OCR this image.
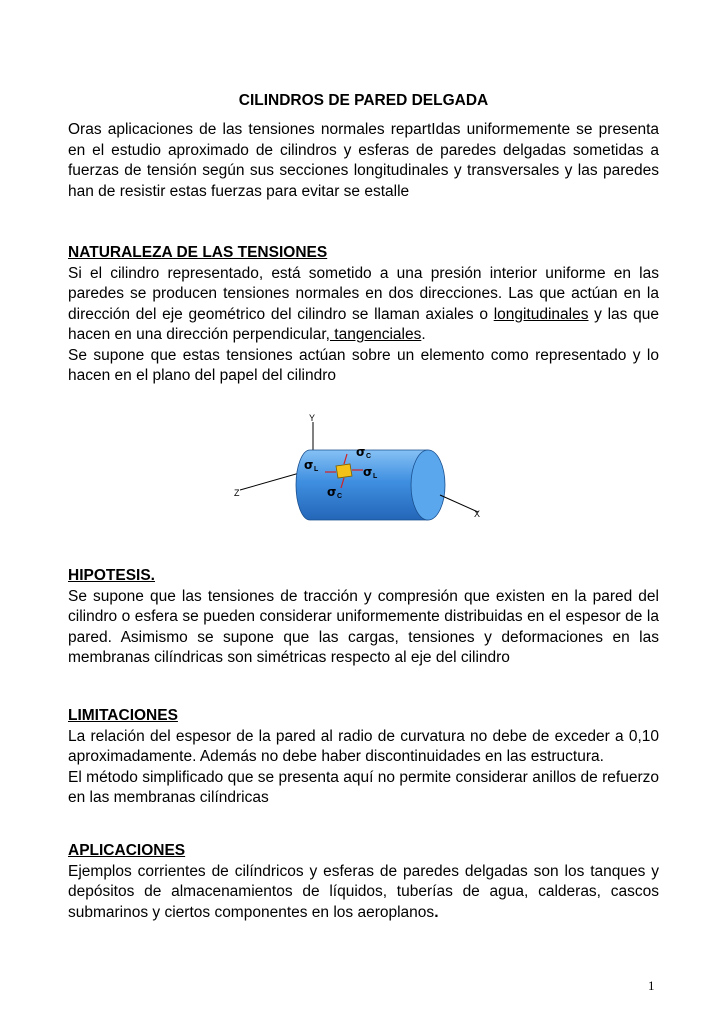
CILINDROS DE PARED DELGADA

Oras aplicaciones de las tensiones normales repartIdas uniformemente se presenta en el estudio aproximado de cilindros y esferas de paredes delgadas sometidas a fuerzas de tensión según sus secciones longitudinales y transversales y las paredes han de resistir estas fuerzas para evitar se estalle

NATURALEZA DE LAS TENSIONES

Si el cilindro representado, está sometido a una presión interior uniforme en las paredes se producen tensiones normales en dos direcciones. Las que actúan en la dirección del eje geométrico del cilindro se llaman axiales o longitudinales y las que hacen en una dirección perpendicular, tangenciales.

Se supone que estas tensiones actúan sobre un elemento como representado y lo hacen en el plano del papel del cilindro

HIPOTESIS.

Se supone que las tensiones de tracción y compresión que existen en la pared del cilindro o esfera se pueden considerar uniformemente distribuidas en el espesor de la pared. Asimismo se supone que las cargas, tensiones y deformaciones en las membranas cilíndricas son simétricas respecto al eje del cilindro

LIMITACIONES

La relación del espesor de la pared al radio de curvatura no debe de exceder a 0,10 aproximadamente. Además no debe haber discontinuidades en las estructura.

El método simplificado que se presenta aquí no permite considerar anillos de refuerzo en las membranas cilíndricas

APLICACIONES

Ejemplos corrientes de cilíndricos y esferas de paredes delgadas son los tanques y depósitos de almacenamientos de líquidos, tuberías de agua, calderas, cascos submarinos y ciertos componentes en los aeroplanos.

Y
Z
X
σ C
σ L	σ L
σ C
1
